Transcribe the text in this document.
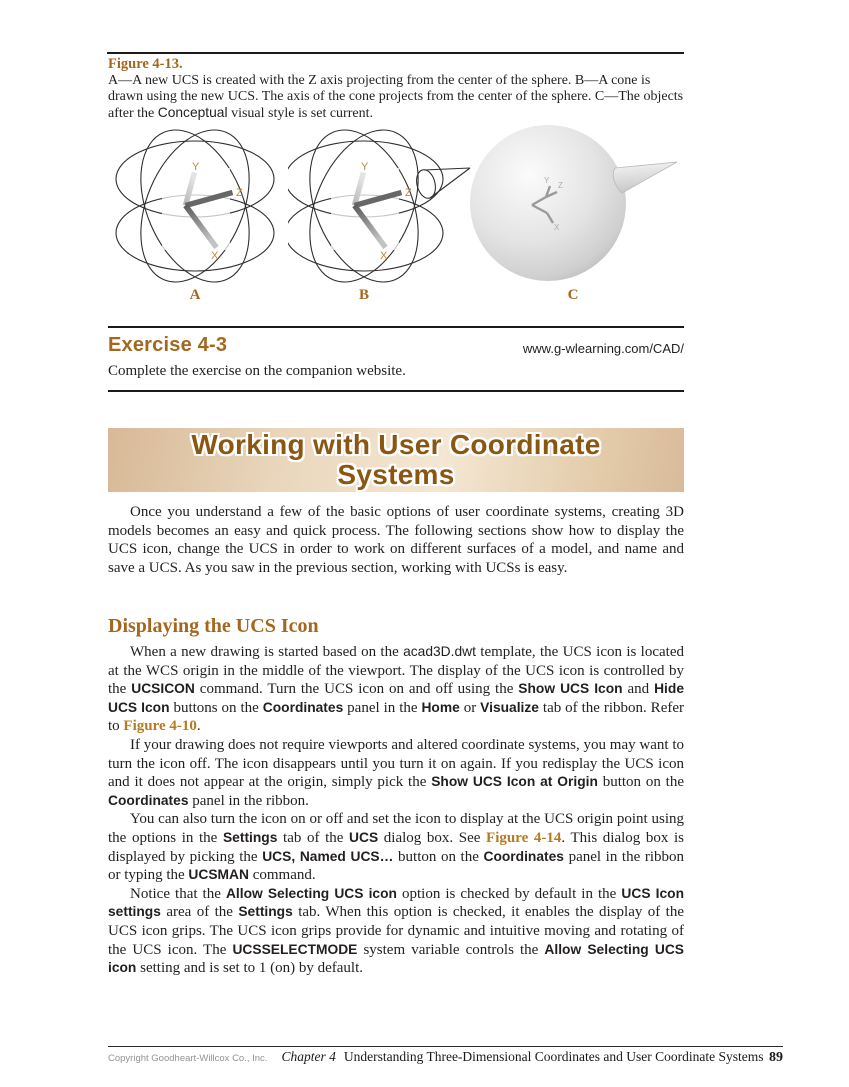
Figure 4-13.
A—A new UCS is created with the Z axis projecting from the center of the sphere. B—A cone is drawn using the new UCS. The axis of the cone projects from the center of the sphere. C—The objects after the Conceptual visual style is set current.
Y
Z
X
Y
Z
X
Y
Z
X
A	B	C
Exercise 4-3	www.g-wlearning.com/CAD/
Complete the exercise on the companion website.
Working with User Coordinate Systems

Once you understand a few of the basic options of user coordinate systems, creating 3D models becomes an easy and quick process. The following sections show how to display the UCS icon, change the UCS in order to work on different surfaces of a model, and name and save a UCS. As you saw in the previous section, working with UCSs is easy.

Displaying the UCS Icon

When a new drawing is started based on the acad3D.dwt template, the UCS icon is located at the WCS origin in the middle of the viewport. The display of the UCS icon is controlled by the UCSICON command. Turn the UCS icon on and off using the Show UCS Icon and Hide UCS Icon buttons on the Coordinates panel in the Home or Visualize tab of the ribbon. Refer to Figure 4-10.

If your drawing does not require viewports and altered coordinate systems, you may want to turn the icon off. The icon disappears until you turn it on again. If you redisplay the UCS icon and it does not appear at the origin, simply pick the Show UCS Icon at Origin button on the Coordinates panel in the ribbon.

You can also turn the icon on or off and set the icon to display at the UCS origin point using the options in the Settings tab of the UCS dialog box. See Figure 4-14. This dialog box is displayed by picking the UCS, Named UCS… button on the Coordinates panel in the ribbon or typing the UCSMAN command.

Notice that the Allow Selecting UCS icon option is checked by default in the UCS Icon settings area of the Settings tab. When this option is checked, it enables the display of the UCS icon grips. The UCS icon grips provide for dynamic and intuitive moving and rotating of the UCS icon. The UCSSELECTMODE system variable controls the Allow Selecting UCS icon setting and is set to 1 (on) by default.

Copyright Goodheart-Willcox Co., Inc. Chapter 4 Understanding Three-Dimensional Coordinates and User Coordinate Systems 89
